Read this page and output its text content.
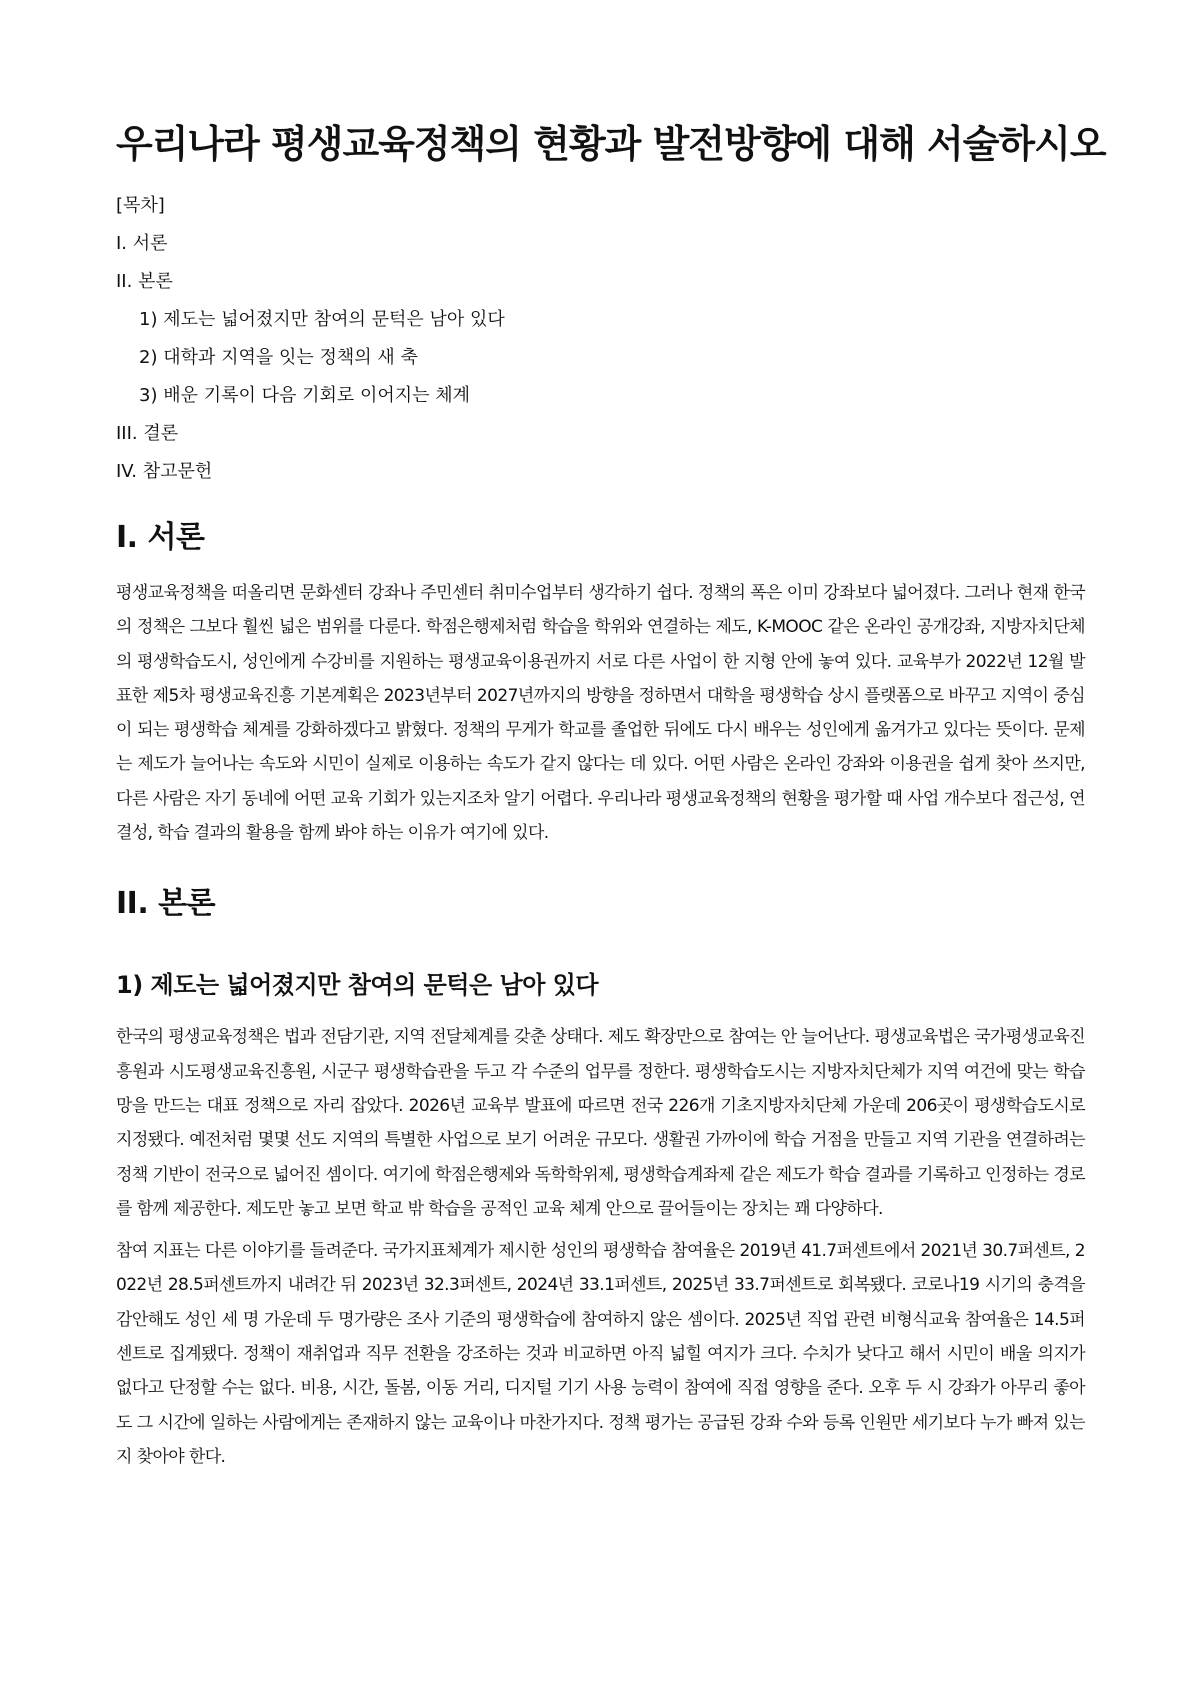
우리나라 평생교육정책의 현황과 발전방향에 대해 서술하시오
[목차]
I. 서론
II. 본론
1) 제도는 넓어졌지만 참여의 문턱은 남아 있다
2) 대학과 지역을 잇는 정책의 새 축
3) 배운 기록이 다음 기회로 이어지는 체계
III. 결론
IV. 참고문헌
I. 서론

평생교육정책을 떠올리면 문화센터 강좌나 주민센터 취미수업부터 생각하기 쉽다. 정책의 폭은 이미 강좌보다 넓어졌다. 그러나 현재 한국의 정책은 그보다 훨씬 넓은 범위를 다룬다. 학점은행제처럼 학습을 학위와 연결하는 제도, K-MOOC 같은 온라인 공개강좌, 지방자치단체의 평생학습도시, 성인에게 수강비를 지원하는 평생교육이용권까지 서로 다른 사업이 한 지형 안에 놓여 있다. 교육부가 2022년 12월 발표한 제5차 평생교육진흥 기본계획은 2023년부터 2027년까지의 방향을 정하면서 대학을 평생학습 상시 플랫폼으로 바꾸고 지역이 중심이 되는 평생학습 체계를 강화하겠다고 밝혔다. 정책의 무게가 학교를 졸업한 뒤에도 다시 배우는 성인에게 옮겨가고 있다는 뜻이다. 문제는 제도가 늘어나는 속도와 시민이 실제로 이용하는 속도가 같지 않다는 데 있다. 어떤 사람은 온라인 강좌와 이용권을 쉽게 찾아 쓰지만, 다른 사람은 자기 동네에 어떤 교육 기회가 있는지조차 알기 어렵다. 우리나라 평생교육정책의 현황을 평가할 때 사업 개수보다 접근성, 연결성, 학습 결과의 활용을 함께 봐야 하는 이유가 여기에 있다.

II. 본론
1) 제도는 넓어졌지만 참여의 문턱은 남아 있다

한국의 평생교육정책은 법과 전담기관, 지역 전달체계를 갖춘 상태다. 제도 확장만으로 참여는 안 늘어난다. 평생교육법은 국가평생교육진흥원과 시도평생교육진흥원, 시군구 평생학습관을 두고 각 수준의 업무를 정한다. 평생학습도시는 지방자치단체가 지역 여건에 맞는 학습망을 만드는 대표 정책으로 자리 잡았다. 2026년 교육부 발표에 따르면 전국 226개 기초지방자치단체 가운데 206곳이 평생학습도시로 지정됐다. 예전처럼 몇몇 선도 지역의 특별한 사업으로 보기 어려운 규모다. 생활권 가까이에 학습 거점을 만들고 지역 기관을 연결하려는 정책 기반이 전국으로 넓어진 셈이다. 여기에 학점은행제와 독학학위제, 평생학습계좌제 같은 제도가 학습 결과를 기록하고 인정하는 경로를 함께 제공한다. 제도만 놓고 보면 학교 밖 학습을 공적인 교육 체계 안으로 끌어들이는 장치는 꽤 다양하다.

참여 지표는 다른 이야기를 들려준다. 국가지표체계가 제시한 성인의 평생학습 참여율은 2019년 41.7퍼센트에서 2021년 30.7퍼센트, 2022년 28.5퍼센트까지 내려간 뒤 2023년 32.3퍼센트, 2024년 33.1퍼센트, 2025년 33.7퍼센트로 회복됐다. 코로나19 시기의 충격을 감안해도 성인 세 명 가운데 두 명가량은 조사 기준의 평생학습에 참여하지 않은 셈이다. 2025년 직업 관련 비형식교육 참여율은 14.5퍼센트로 집계됐다. 정책이 재취업과 직무 전환을 강조하는 것과 비교하면 아직 넓힐 여지가 크다. 수치가 낮다고 해서 시민이 배울 의지가 없다고 단정할 수는 없다. 비용, 시간, 돌봄, 이동 거리, 디지털 기기 사용 능력이 참여에 직접 영향을 준다. 오후 두 시 강좌가 아무리 좋아도 그 시간에 일하는 사람에게는 존재하지 않는 교육이나 마찬가지다. 정책 평가는 공급된 강좌 수와 등록 인원만 세기보다 누가 빠져 있는지 찾아야 한다.
